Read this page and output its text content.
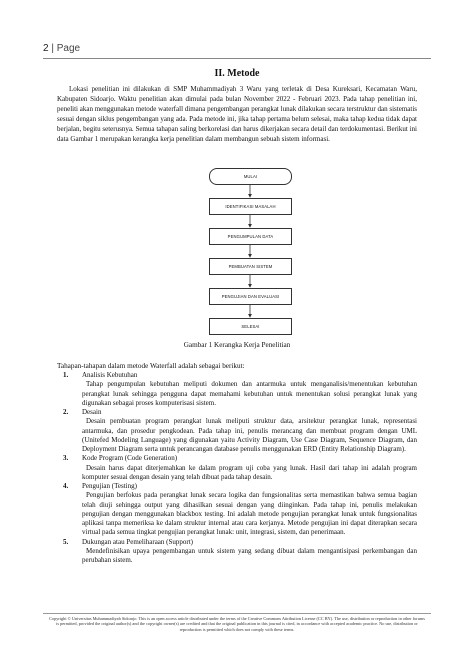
2 | Page
II. Metode

Lokasi penelitian ini dilakukan di SMP Muhammadiyah 3 Waru yang terletak di Desa Kureksari, Kecamatan Waru, Kabupaten Sidoarjo. Waktu penelitian akan dimulai pada bulan November 2022 - Februari 2023. Pada tahap penelitian ini, peneliti akan menggunakan metode waterfall dimana pengembangan perangkat lunak dilakukan secara terstruktur dan sistematis sesuai dengan siklus pengembangan yang ada. Pada metode ini, jika tahap pertama belum selesai, maka tahap kedua tidak dapat berjalan, begitu seterusnya. Semua tahapan saling berkorelasi dan harus dikerjakan secara detail dan terdokumentasi. Berikut ini data Gambar 1 merupakan kerangka kerja penelitian dalam membangun sebuah sistem informasi.

MULAI
IDENTIFIKASI MASALAH
PENGUMPULAN DATA
PEMBUATAN SISTEM
PENGUJIAN DAN EVALUASI
SELESAI
Gambar 1 Kerangka Kerja Penelitian
Tahapan-tahapan dalam metode Waterfall adalah sebagai berikut:
1. Analisis Kebutuhan
Tahap pengumpulan kebutuhan meliputi dokumen dan antarmuka untuk menganalisis/menentukan kebutuhan perangkat lunak sehingga pengguna dapat memahami kebutuhan untuk menentukan solusi perangkat lunak yang digunakan sebagai proses komputerisasi sistem.
2. Desain
Desain pembuatan program perangkat lunak meliputi struktur data, arsitektur perangkat lunak, representasi antarmuka, dan prosedur pengkodean. Pada tahap ini, penulis merancang dan membuat program dengan UML (Unitefed Modeling Language) yang digunakan yaitu Activity Diagram, Use Case Diagram, Sequence Diagram, dan Deployment Diagram serta untuk perancangan database penulis menggunakan ERD (Entity Relationship Diagram).
3. Kode Program (Code Generation)
Desain harus dapat diterjemahkan ke dalam program uji coba yang lunak. Hasil dari tahap ini adalah program komputer sesuai dengan desain yang telah dibuat pada tahap desain.
4. Pengujian (Testing)
Pengujian berfokus pada perangkat lunak secara logika dan fungsionalitas serta memastikan bahwa semua bagian telah diuji sehingga output yang dihasilkan sesuai dengan yang diinginkan. Pada tahap ini, penulis melakukan pengujian dengan menggunakan blackbox testing. Ini adalah metode pengujian perangkat lunak untuk fungsionalitas aplikasi tanpa memeriksa ke dalam struktur internal atau cara kerjanya. Metode pengujian ini dapat diterapkan secara virtual pada semua tingkat pengujian perangkat lunak: unit, integrasi, sistem, dan penerimaan.
5. Dukungan atau Pemeliharaan (Support)
Mendefinisikan upaya pengembangan untuk sistem yang sedang dibuat dalam mengantisipasi perkembangan dan perubahan sistem.
Copyright © Universitas Muhammadiyah Sidoarjo. This is an open access article distributed under the terms of the Creative Commons Attribution License (CC BY). The use, distribution or reproduction in other forums is permitted, provided the original author(s) and the copyright owner(s) are credited and that the original publication in this journal is cited, in accordance with accepted academic practice. No use, distribution or reproduction is permitted which does not comply with these terms.
